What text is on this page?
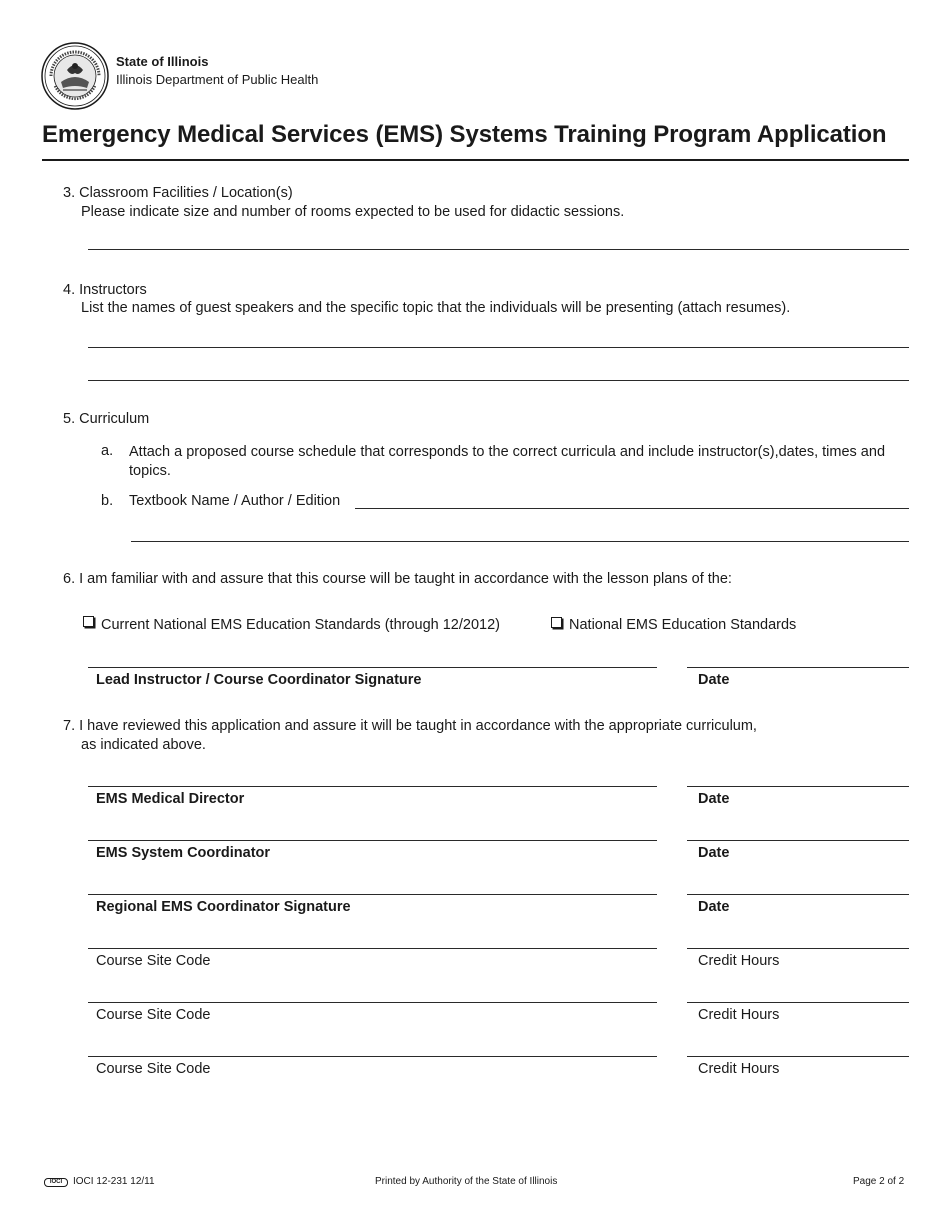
State of Illinois
Illinois Department of Public Health
Emergency Medical Services (EMS) Systems Training Program Application
3. Classroom Facilities / Location(s)
Please indicate size and number of rooms expected to be used for didactic sessions.
4. Instructors
List the names of guest speakers and the specific topic that the individuals will be presenting (attach resumes).
5. Curriculum
a. Attach a proposed course schedule that corresponds to the correct curricula and include instructor(s),dates, times and topics.
b. Textbook Name / Author / Edition
6. I am familiar with and assure that this course will be taught in accordance with the lesson plans of the:
Current National EMS Education Standards (through 12/2012)	National EMS Education Standards
Lead Instructor / Course Coordinator Signature	Date
7. I have reviewed this application and assure it will be taught in accordance with the appropriate curriculum,
as indicated above.
EMS Medical Director	Date
EMS System Coordinator	Date
Regional EMS Coordinator Signature	Date
Course Site Code	Credit Hours
Course Site Code	Credit Hours
Course Site Code	Credit Hours
IOCI	IOCI 12-231 12/11	Printed by Authority of the State of Illinois	Page 2 of 2
